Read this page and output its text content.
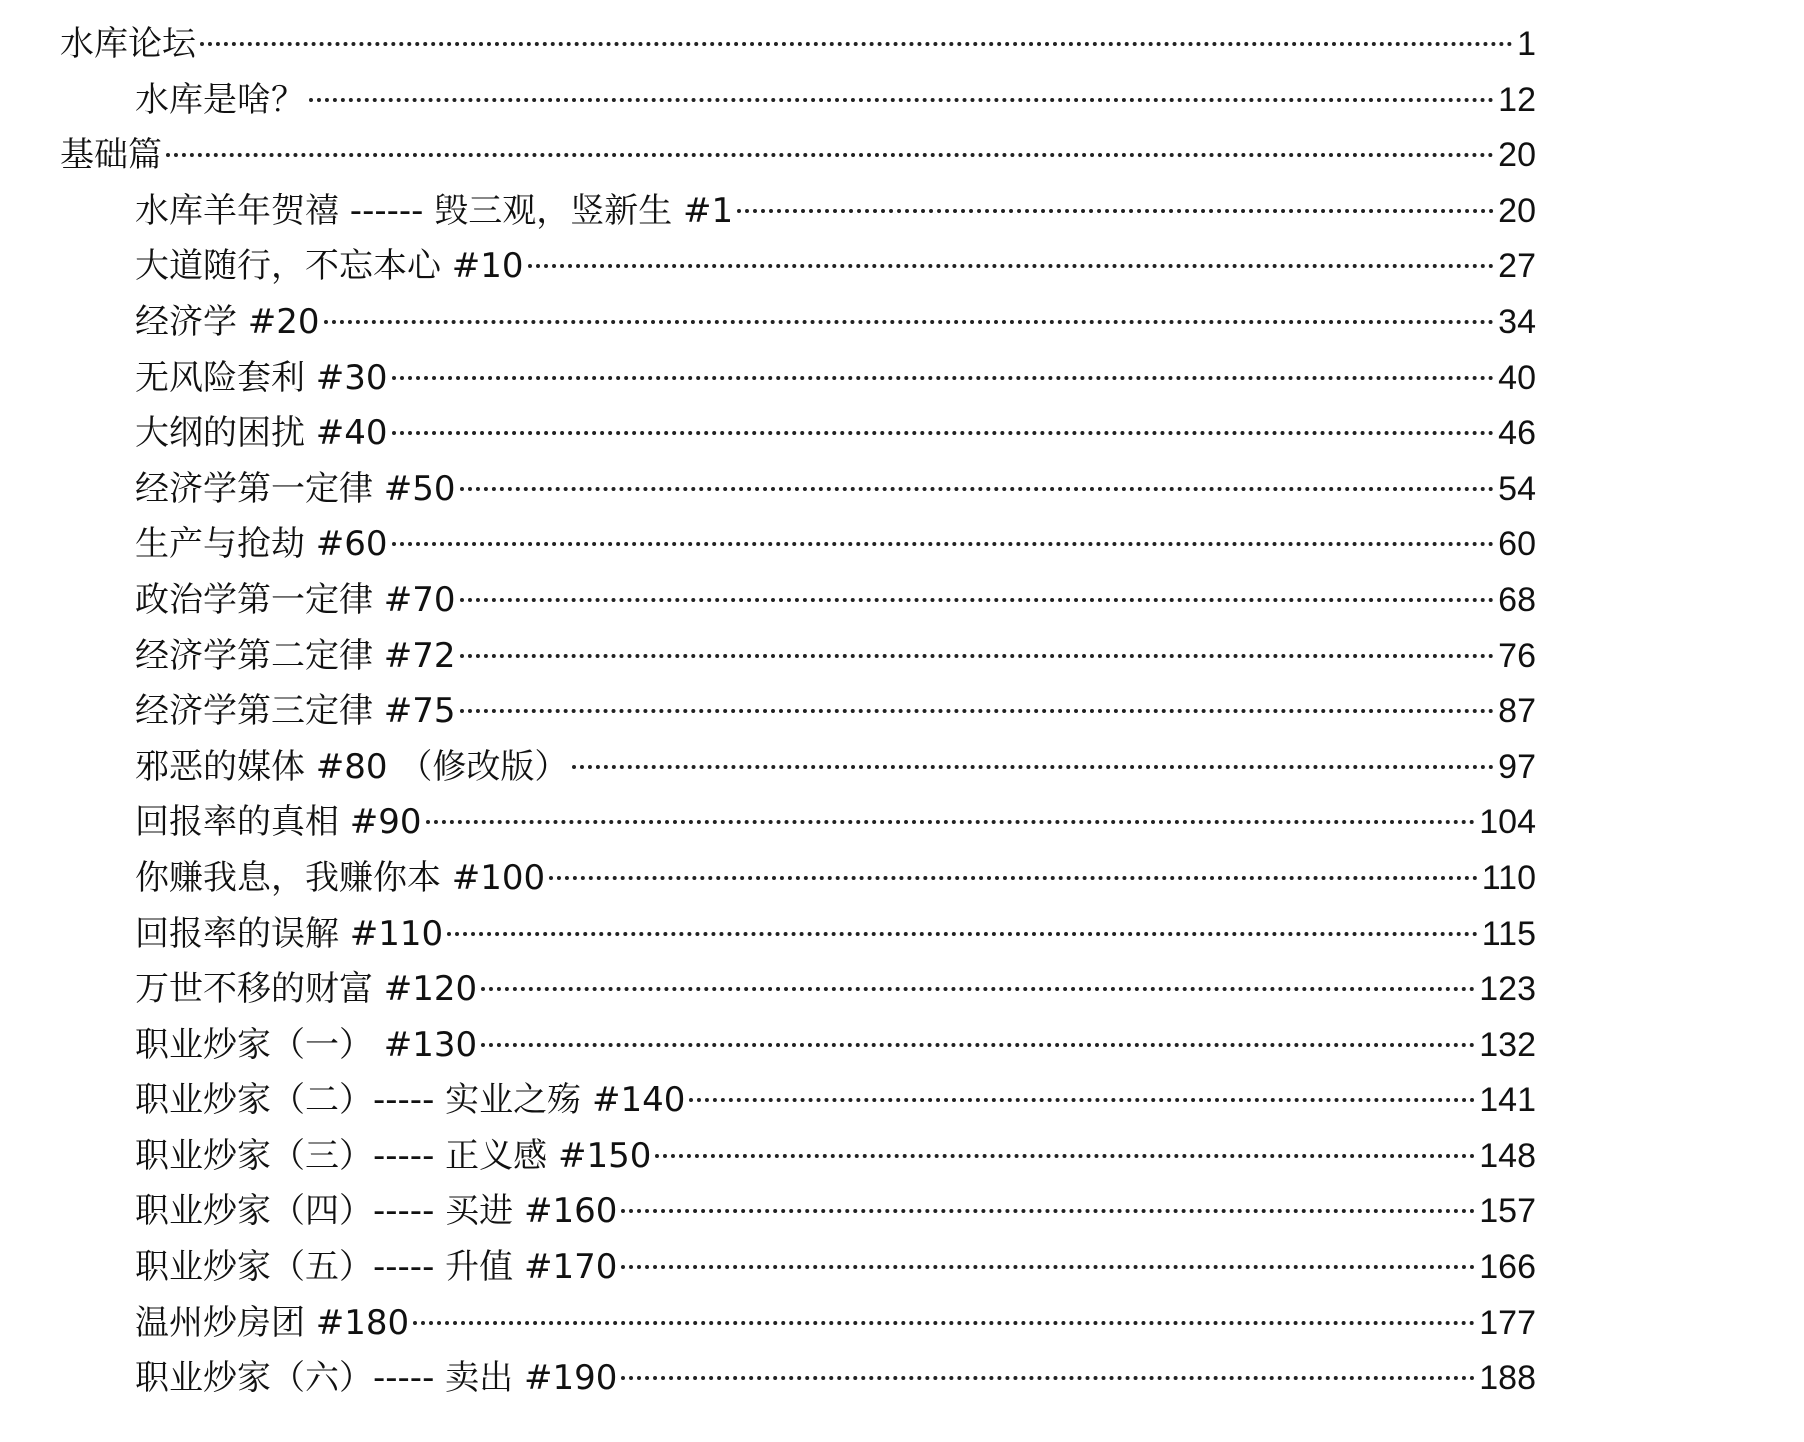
水库论坛	1
水库是啥？	12
基础篇	20
水库羊年贺禧 ------ 毁三观，竖新生 #1	20
大道随行，不忘本心 #10	27
经济学 #20	34
无风险套利 #30	40
大纲的困扰 #40	46
经济学第一定律 #50	54
生产与抢劫 #60	60
政治学第一定律 #70	68
经济学第二定律 #72	76
经济学第三定律 #75	87
邪恶的媒体 #80 （修改版）	97
回报率的真相 #90	104
你赚我息，我赚你本 #100	110
回报率的误解 #110	115
万世不移的财富 #120	123
职业炒家（一） #130	132
职业炒家（二）----- 实业之殇 #140	141
职业炒家（三）----- 正义感 #150	148
职业炒家（四）----- 买进 #160	157
职业炒家（五）----- 升值 #170	166
温州炒房团 #180	177
职业炒家（六）----- 卖出 #190	188
